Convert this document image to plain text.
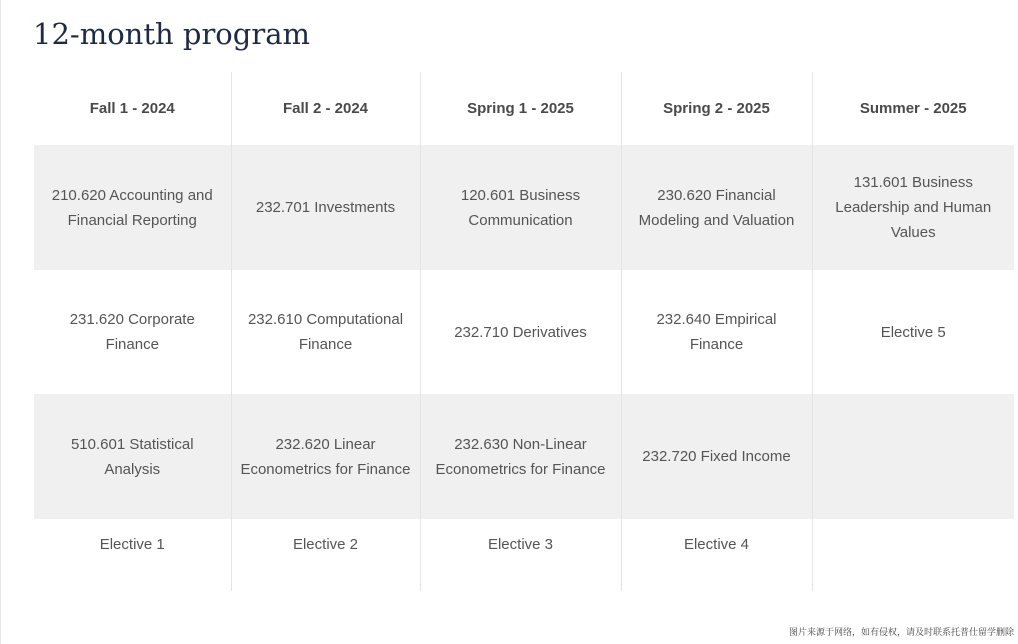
12-month program
Fall 1 - 2024	Fall 2 - 2024	Spring 1 - 2025	Spring 2 - 2025	Summer - 2025
210.620 Accounting and Financial Reporting	232.701 Investments	120.601 Business Communication	230.620 Financial Modeling and Valuation	131.601 Business Leadership and Human Values
231.620 Corporate Finance	232.610 Computational Finance	232.710 Derivatives	232.640 Empirical Finance	Elective 5
510.601 Statistical Analysis	232.620 Linear Econometrics for Finance	232.630 Non-Linear Econometrics for Finance	232.720 Fixed Income	
Elective 1	Elective 2	Elective 3	Elective 4	
图片来源于网络，如有侵权，请及时联系托普仕留学删除
